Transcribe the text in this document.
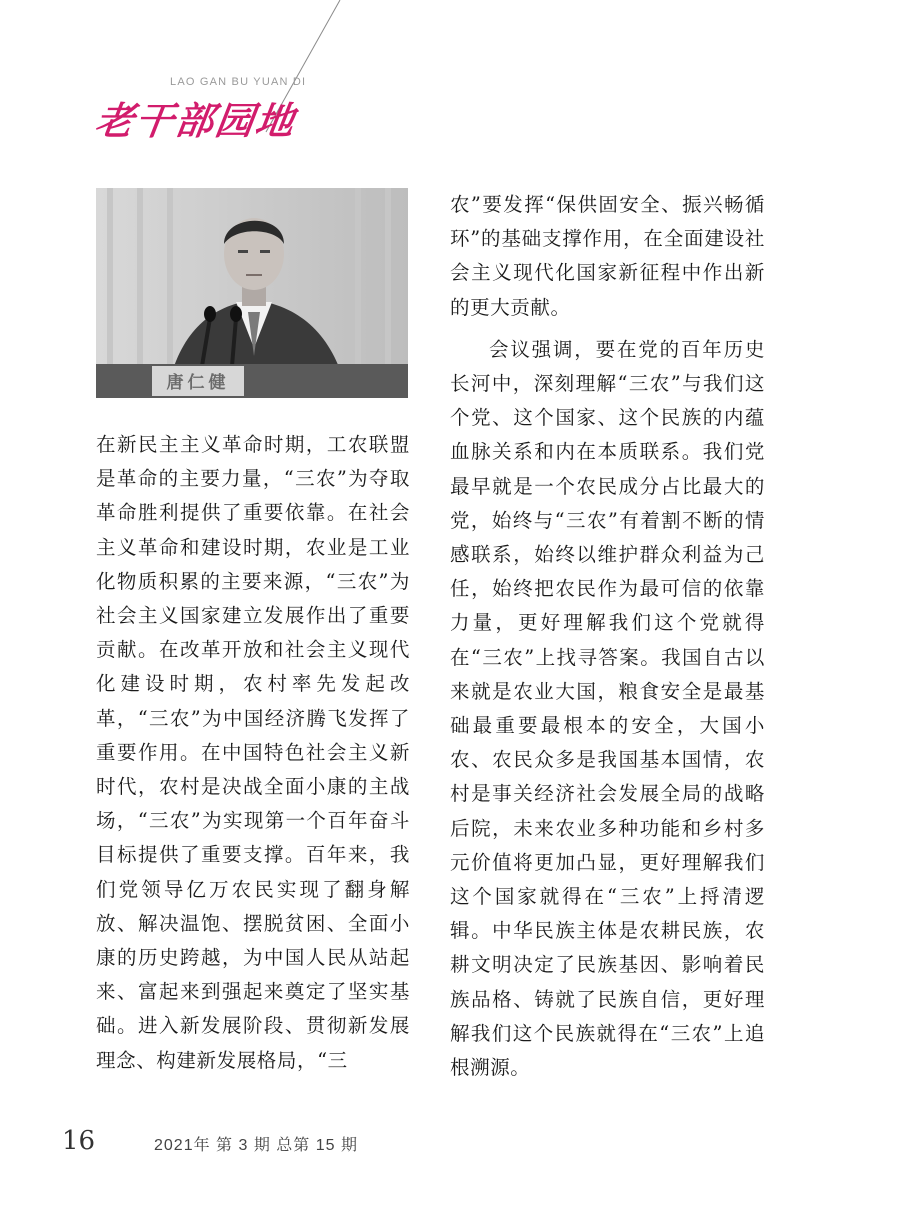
LAO GAN BU YUAN DI
老干部园地
唐仁健

在新民主主义革命时期，工农联盟是革命的主要力量，“三农”为夺取革命胜利提供了重要依靠。在社会主义革命和建设时期，农业是工业化物质积累的主要来源，“三农”为社会主义国家建立发展作出了重要贡献。在改革开放和社会主义现代化建设时期，农村率先发起改革，“三农”为中国经济腾飞发挥了重要作用。在中国特色社会主义新时代，农村是决战全面小康的主战场，“三农”为实现第一个百年奋斗目标提供了重要支撑。百年来，我们党领导亿万农民实现了翻身解放、解决温饱、摆脱贫困、全面小康的历史跨越，为中国人民从站起来、富起来到强起来奠定了坚实基础。进入新发展阶段、贯彻新发展理念、构建新发展格局，“三

农”要发挥“保供固安全、振兴畅循环”的基础支撑作用，在全面建设社会主义现代化国家新征程中作出新的更大贡献。

会议强调，要在党的百年历史长河中，深刻理解“三农”与我们这个党、这个国家、这个民族的内蕴血脉关系和内在本质联系。我们党最早就是一个农民成分占比最大的党，始终与“三农”有着割不断的情感联系，始终以维护群众利益为己任，始终把农民作为最可信的依靠力量，更好理解我们这个党就得在“三农”上找寻答案。我国自古以来就是农业大国，粮食安全是最基础最重要最根本的安全，大国小农、农民众多是我国基本国情，农村是事关经济社会发展全局的战略后院，未来农业多种功能和乡村多元价值将更加凸显，更好理解我们这个国家就得在“三农”上捋清逻辑。中华民族主体是农耕民族，农耕文明决定了民族基因、影响着民族品格、铸就了民族自信，更好理解我们这个民族就得在“三农”上追根溯源。

16	2021年 第 3 期 总第 15 期
